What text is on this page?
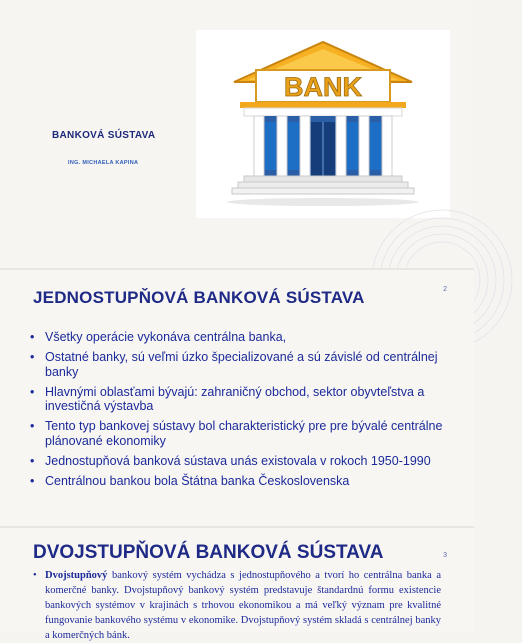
BANKOVÁ SÚSTAVA
ING. MICHAELA KAPINA
BANK
JEDNOSTUPŇOVÁ BANKOVÁ SÚSTAVA	2
• Všetky operácie vykonáva centrálna banka,
• Ostatné banky, sú veľmi úzko špecializované a sú závislé od centrálnej banky
• Hlavnými oblasťami bývajú: zahraničný obchod, sektor obyvteľstva a investičná výstavba
• Tento typ bankovej sústavy bol charakteristický pre pre bývalé centrálne plánované ekonomiky
• Jednostupňová banková sústava unás existovala v rokoch 1950-1990
• Centrálnou bankou bola Štátna banka Československa
DVOJSTUPŇOVÁ BANKOVÁ SÚSTAVA	3

• Dvojstupňový bankový systém vychádza s jednostupňového a tvorí ho centrálna banka a komerčné banky. Dvojstupňový bankový systém predstavuje štandardnú formu existencie bankových systémov v krajinách s trhovou ekonomikou a má veľký význam pre kvalitné fungovanie bankového systému v ekonomike. Dvojstupňový systém skladá s centrálnej banky a komerčných bánk.
